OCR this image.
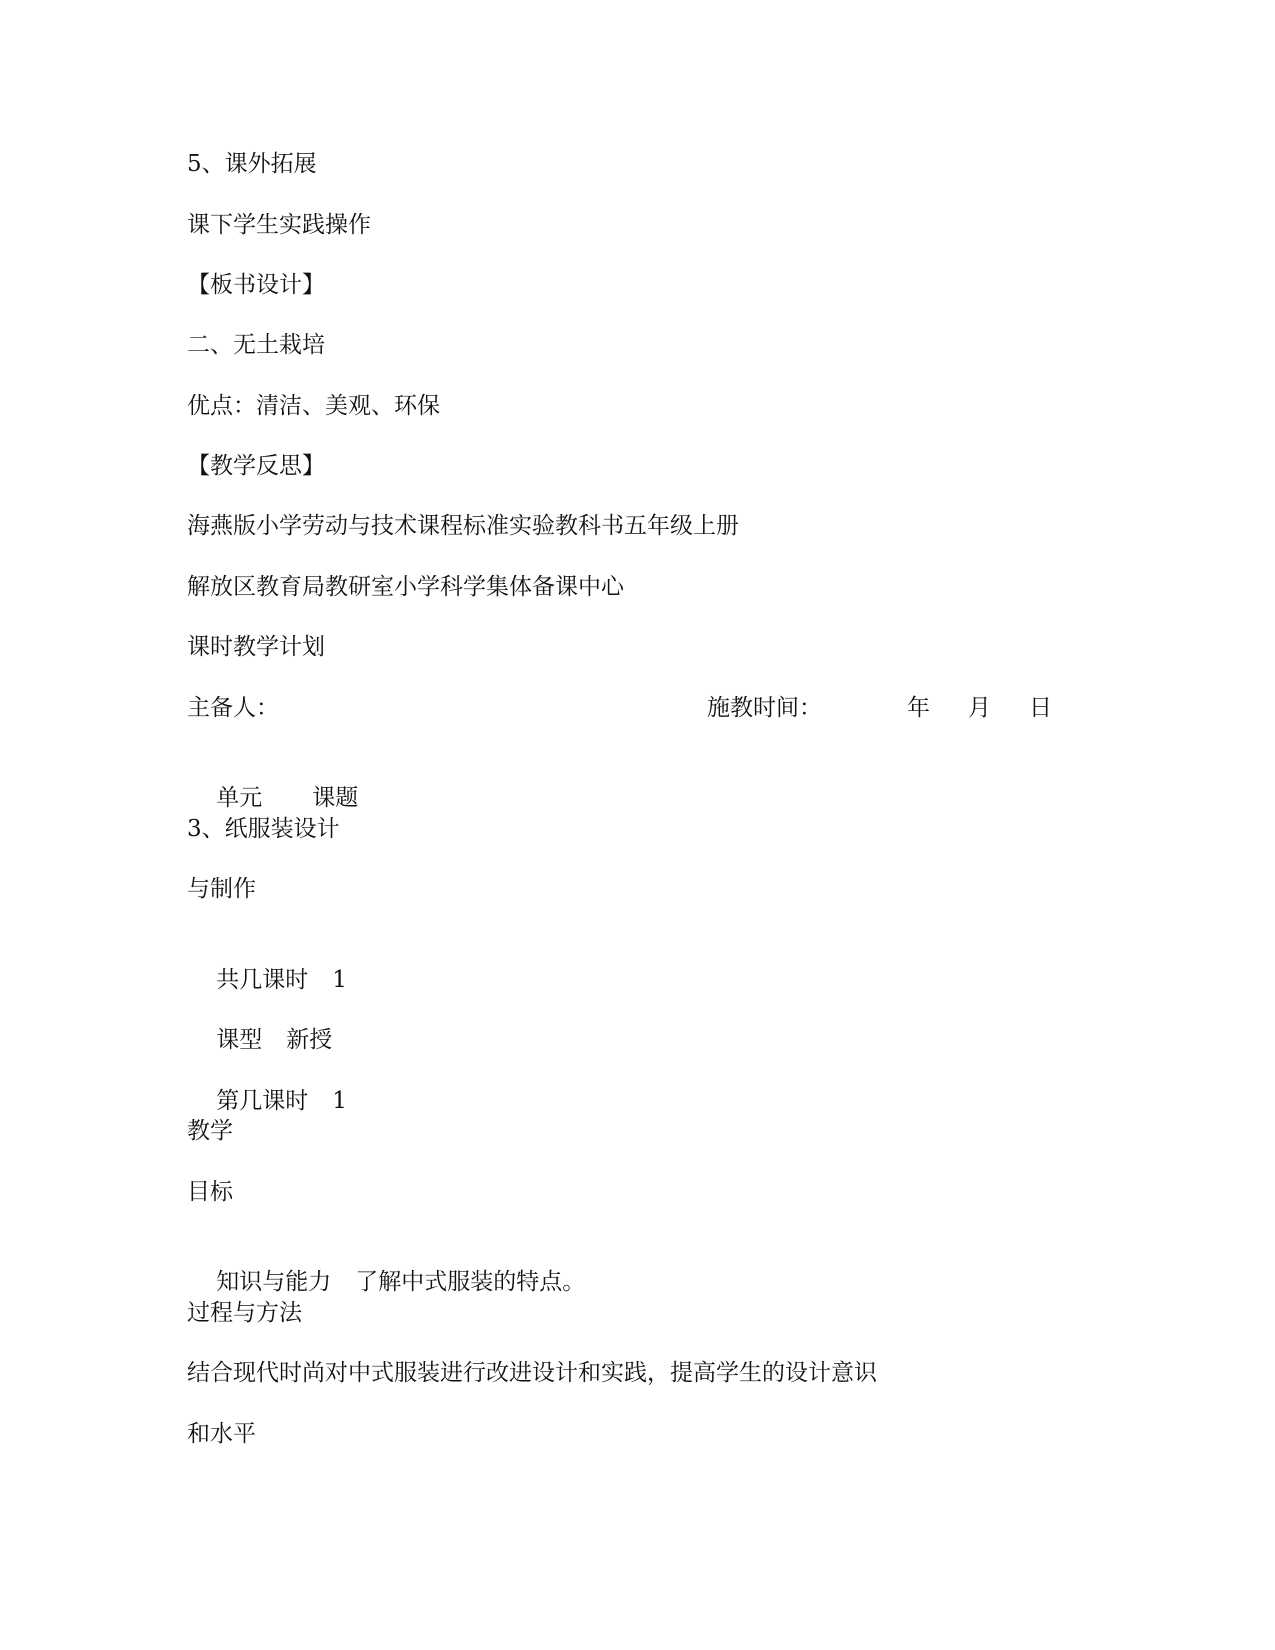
5、课外拓展
课下学生实践操作
【板书设计】
二、无土栽培
优点：清洁、美观、环保
【教学反思】
海燕版小学劳动与技术课程标准实验教科书五年级上册
解放区教育局教研室小学科学集体备课中心
课时教学计划

主备人：

	施教时间：

	年

月

日

单元 课题

3、纸服装设计
与制作

共几课时 1

课型 新授

第几课时 1

教学
目标

知识与能力 了解中式服装的特点。

过程与方法
结合现代时尚对中式服装进行改进设计和实践，提高学生的设计意识
和水平
